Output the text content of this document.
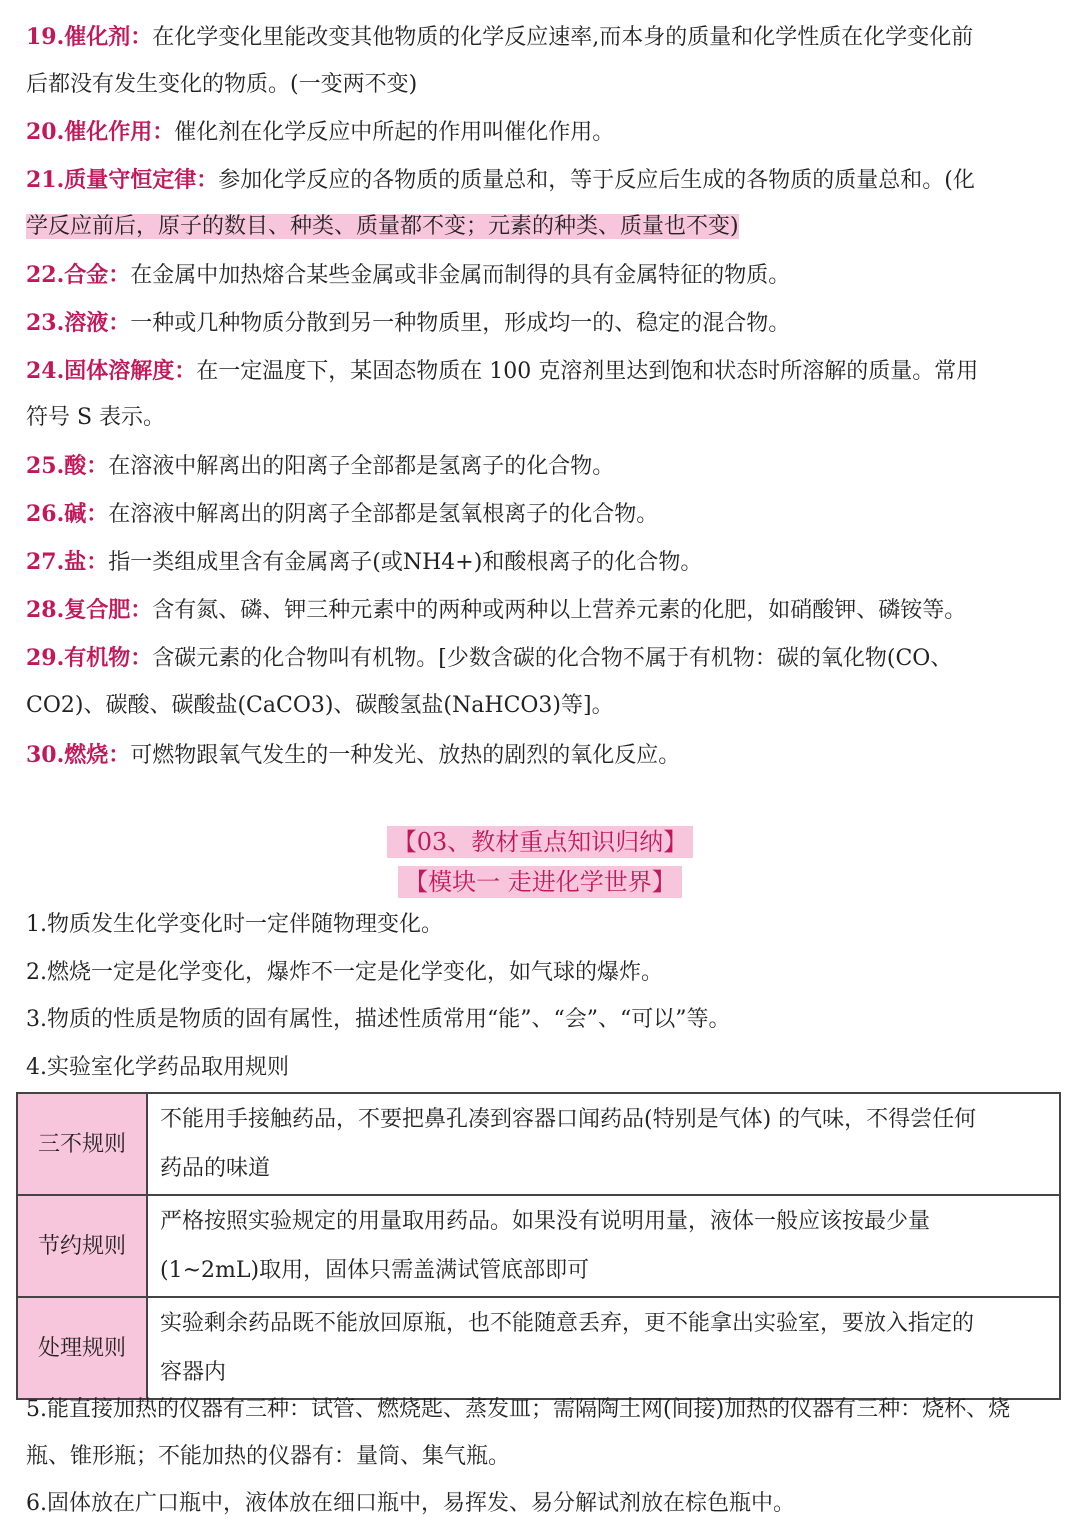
19.催化剂：在化学变化里能改变其他物质的化学反应速率,而本身的质量和化学性质在化学变化前
后都没有发生变化的物质。(一变两不变)
20.催化作用：催化剂在化学反应中所起的作用叫催化作用。
21.质量守恒定律：参加化学反应的各物质的质量总和，等于反应后生成的各物质的质量总和。(化
学反应前后，原子的数目、种类、质量都不变；元素的种类、质量也不变)
22.合金：在金属中加热熔合某些金属或非金属而制得的具有金属特征的物质。
23.溶液：一种或几种物质分散到另一种物质里，形成均一的、稳定的混合物。
24.固体溶解度：在一定温度下，某固态物质在 100 克溶剂里达到饱和状态时所溶解的质量。常用
符号 S 表示。
25.酸：在溶液中解离出的阳离子全部都是氢离子的化合物。
26.碱：在溶液中解离出的阴离子全部都是氢氧根离子的化合物。
27.盐：指一类组成里含有金属离子(或NH4+)和酸根离子的化合物。
28.复合肥：含有氮、磷、钾三种元素中的两种或两种以上营养元素的化肥，如硝酸钾、磷铵等。
29.有机物：含碳元素的化合物叫有机物。[少数含碳的化合物不属于有机物：碳的氧化物(CO、
CO2)、碳酸、碳酸盐(CaCO3)、碳酸氢盐(NaHCO3)等]。
30.燃烧：可燃物跟氧气发生的一种发光、放热的剧烈的氧化反应。
【03、教材重点知识归纳】
【模块一 走进化学世界】
1.物质发生化学变化时一定伴随物理变化。
2.燃烧一定是化学变化，爆炸不一定是化学变化，如气球的爆炸。
3.物质的性质是物质的固有属性，描述性质常用“能”、“会”、“可以”等。
4.实验室化学药品取用规则
三不规则	不能用手接触药品，不要把鼻孔凑到容器口闻药品(特别是气体) 的气味，不得尝任何
药品的味道

节约规则	严格按照实验规定的用量取用药品。如果没有说明用量，液体一般应该按最少量
(1~2mL)取用，固体只需盖满试管底部即可

处理规则	实验剩余药品既不能放回原瓶，也不能随意丢弃，更不能拿出实验室，要放入指定的
容器内
5.能直接加热的仪器有三种：试管、燃烧匙、蒸发皿；需隔陶土网(间接)加热的仪器有三种：烧杯、烧
瓶、锥形瓶；不能加热的仪器有：量筒、集气瓶。
6.固体放在广口瓶中，液体放在细口瓶中，易挥发、易分解试剂放在棕色瓶中。
